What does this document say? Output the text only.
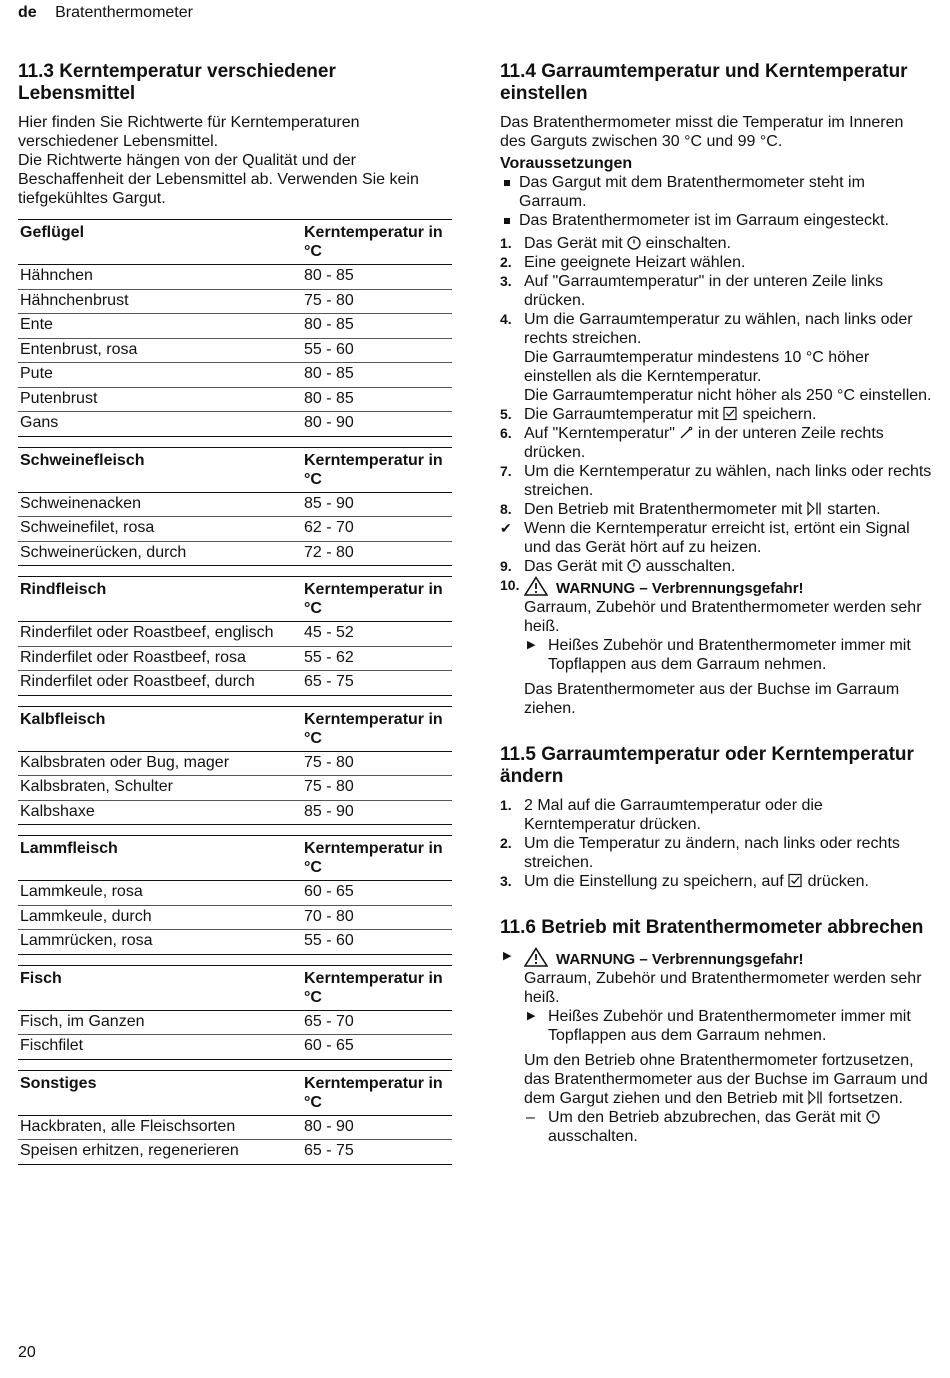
de Bratenthermometer
11.3 Kerntemperatur verschiedener Lebensmittel

Hier finden Sie Richtwerte für Kerntemperaturen verschiedener Lebensmittel.

Die Richtwerte hängen von der Qualität und der Beschaffenheit der Lebensmittel ab. Verwenden Sie kein tiefgekühltes Gargut.

Geflügel	Kerntemperatur in °C
Hähnchen	80 - 85
Hähnchenbrust	75 - 80
Ente	80 - 85
Entenbrust, rosa	55 - 60
Pute	80 - 85
Putenbrust	80 - 85
Gans	80 - 90
Schweinefleisch	Kerntemperatur in °C
Schweinenacken	85 - 90
Schweinefilet, rosa	62 - 70
Schweinerücken, durch	72 - 80
Rindfleisch	Kerntemperatur in °C
Rinderfilet oder Roastbeef, englisch	45 - 52
Rinderfilet oder Roastbeef, rosa	55 - 62
Rinderfilet oder Roastbeef, durch	65 - 75
Kalbfleisch	Kerntemperatur in °C
Kalbsbraten oder Bug, mager	75 - 80
Kalbsbraten, Schulter	75 - 80
Kalbshaxe	85 - 90
Lammfleisch	Kerntemperatur in °C
Lammkeule, rosa	60 - 65
Lammkeule, durch	70 - 80
Lammrücken, rosa	55 - 60
Fisch	Kerntemperatur in °C
Fisch, im Ganzen	65 - 70
Fischfilet	60 - 65
Sonstiges	Kerntemperatur in °C
Hackbraten, alle Fleischsorten	80 - 90
Speisen erhitzen, regenerieren	65 - 75
11.4 Garraumtemperatur und Kerntemperatur einstellen

Das Bratenthermometer misst die Temperatur im Inneren des Garguts zwischen 30 °C und 99 °C.

Voraussetzungen
Das Gargut mit dem Bratenthermometer steht im Garraum.
Das Bratenthermometer ist im Garraum eingesteckt.
1. Das Gerät mit einschalten.
2. Eine geeignete Heizart wählen.
3. Auf "Garraumtemperatur" in der unteren Zeile links drücken.
4. Um die Garraumtemperatur zu wählen, nach links oder rechts streichen.
Die Garraumtemperatur mindestens 10 °C höher einstellen als die Kerntemperatur.
Die Garraumtemperatur nicht höher als 250 °C einstellen.
5. Die Garraumtemperatur mit speichern.
6. Auf "Kerntemperatur" in der unteren Zeile rechts drücken.
7. Um die Kerntemperatur zu wählen, nach links oder rechts streichen.
8. Den Betrieb mit Bratenthermometer mit starten.
✔ Wenn die Kerntemperatur erreicht ist, ertönt ein Signal und das Gerät hört auf zu heizen.
9. Das Gerät mit ausschalten.
10.	WARNUNG – Verbrennungsgefahr!
Garraum, Zubehör und Bratenthermometer werden sehr heiß.
▶ Heißes Zubehör und Bratenthermometer immer mit Topflappen aus dem Garraum nehmen.
Das Bratenthermometer aus der Buchse im Garraum ziehen.
11.5 Garraumtemperatur oder Kerntemperatur ändern
1. 2 Mal auf die Garraumtemperatur oder die Kerntemperatur drücken.
2. Um die Temperatur zu ändern, nach links oder rechts streichen.
3. Um die Einstellung zu speichern, auf drücken.
11.6 Betrieb mit Bratenthermometer abbrechen
▶	WARNUNG – Verbrennungsgefahr!
Garraum, Zubehör und Bratenthermometer werden sehr heiß.
▶ Heißes Zubehör und Bratenthermometer immer mit Topflappen aus dem Garraum nehmen.
Um den Betrieb ohne Bratenthermometer fortzusetzen, das Bratenthermometer aus der Buchse im Garraum und dem Gargut ziehen und den Betrieb mit fortsetzen.
– Um den Betrieb abzubrechen, das Gerät mit  ausschalten.
20
